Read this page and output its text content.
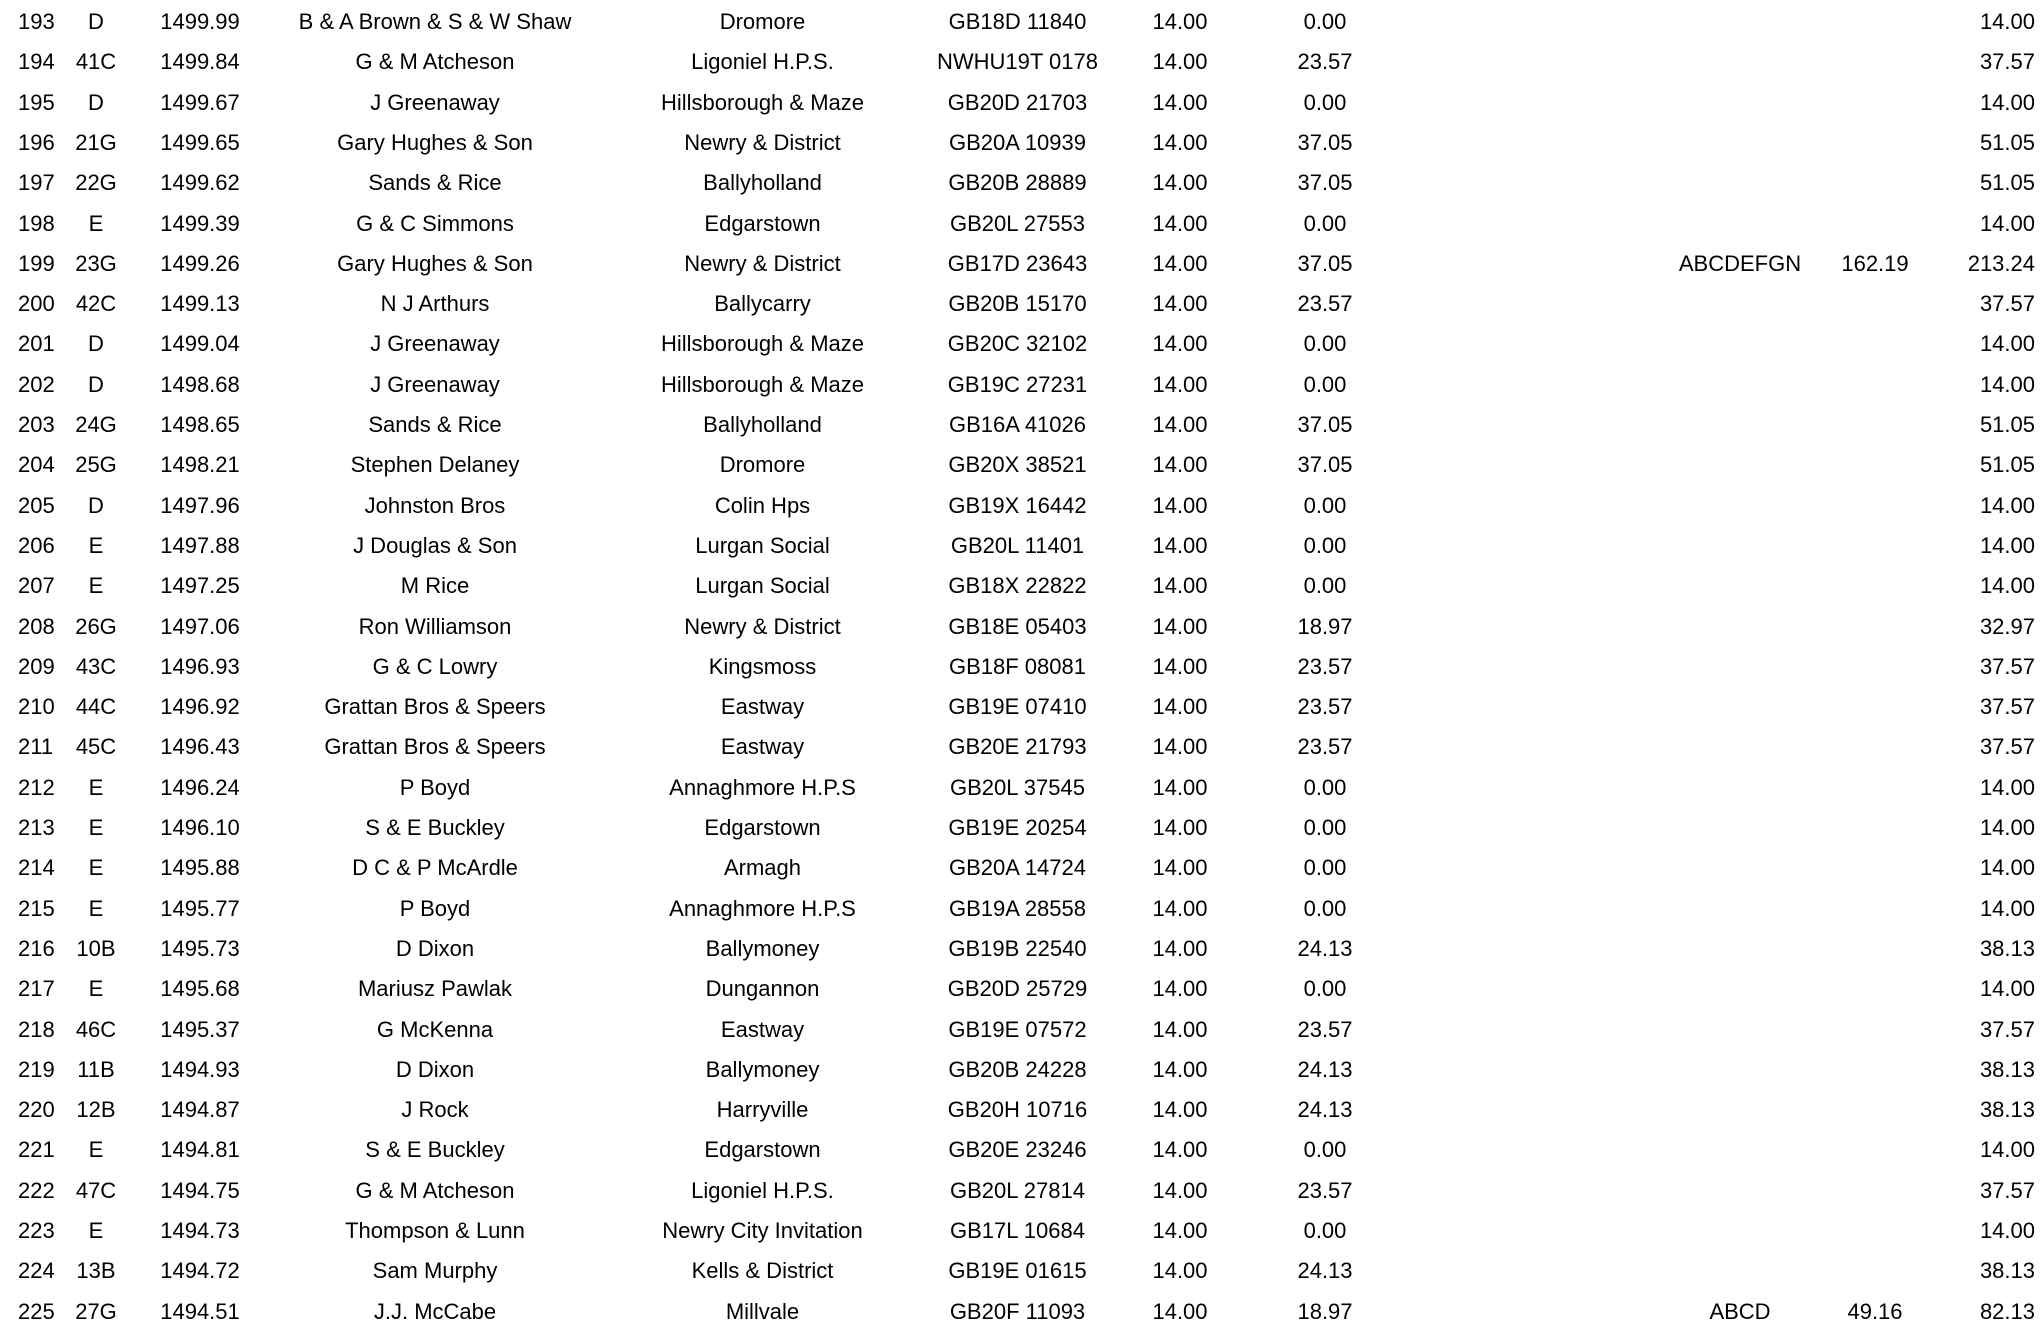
193	D	1499.99	B & A Brown & S & W Shaw	Dromore	GB18D 11840	14.00	0.00	14.00
194 41C	1499.84	G & M Atcheson	Ligoniel H.P.S.	NWHU19T 0178	14.00	23.57	37.57
195	D	1499.67	J Greenaway	Hillsborough & Maze	GB20D 21703	14.00	0.00	14.00
196 21G	1499.65	Gary Hughes & Son	Newry & District	GB20A 10939	14.00	37.05	51.05
197 22G	1499.62	Sands & Rice	Ballyholland	GB20B 28889	14.00	37.05	51.05
198	E	1499.39	G & C Simmons	Edgarstown	GB20L 27553	14.00	0.00	14.00
199 23G	1499.26	Gary Hughes & Son	Newry & District	GB17D 23643	14.00	37.05	ABCDEFGN	162.19	213.24
200 42C	1499.13	N J Arthurs	Ballycarry	GB20B 15170	14.00	23.57	37.57
201	D	1499.04	J Greenaway	Hillsborough & Maze	GB20C 32102	14.00	0.00	14.00
202	D	1498.68	J Greenaway	Hillsborough & Maze	GB19C 27231	14.00	0.00	14.00
203 24G	1498.65	Sands & Rice	Ballyholland	GB16A 41026	14.00	37.05	51.05
204 25G	1498.21	Stephen Delaney	Dromore	GB20X 38521	14.00	37.05	51.05
205	D	1497.96	Johnston Bros	Colin Hps	GB19X 16442	14.00	0.00	14.00
206	E	1497.88	J Douglas & Son	Lurgan Social	GB20L 11401	14.00	0.00	14.00
207	E	1497.25	M Rice	Lurgan Social	GB18X 22822	14.00	0.00	14.00
208 26G	1497.06	Ron Williamson	Newry & District	GB18E 05403	14.00	18.97	32.97
209 43C	1496.93	G & C Lowry	Kingsmoss	GB18F 08081	14.00	23.57	37.57
210 44C	1496.92	Grattan Bros & Speers	Eastway	GB19E 07410	14.00	23.57	37.57
211	45C	1496.43	Grattan Bros & Speers	Eastway	GB20E 21793	14.00	23.57	37.57
212	E	1496.24	P Boyd	Annaghmore H.P.S	GB20L 37545	14.00	0.00	14.00
213	E	1496.10	S & E Buckley	Edgarstown	GB19E 20254	14.00	0.00	14.00
214	E	1495.88	D C & P McArdle	Armagh	GB20A 14724	14.00	0.00	14.00
215	E	1495.77	P Boyd	Annaghmore H.P.S	GB19A 28558	14.00	0.00	14.00
216 10B	1495.73	D Dixon	Ballymoney	GB19B 22540	14.00	24.13	38.13
217	E	1495.68	Mariusz Pawlak	Dungannon	GB20D 25729	14.00	0.00	14.00
218 46C	1495.37	G McKenna	Eastway	GB19E 07572	14.00	23.57	37.57
219	11B	1494.93	D Dixon	Ballymoney	GB20B 24228	14.00	24.13	38.13
220 12B	1494.87	J Rock	Harryville	GB20H 10716	14.00	24.13	38.13
221	E	1494.81	S & E Buckley	Edgarstown	GB20E 23246	14.00	0.00	14.00
222 47C	1494.75	G & M Atcheson	Ligoniel H.P.S.	GB20L 27814	14.00	23.57	37.57
223	E	1494.73	Thompson & Lunn	Newry City Invitation	GB17L 10684	14.00	0.00	14.00
224 13B	1494.72	Sam Murphy	Kells & District	GB19E 01615	14.00	24.13	38.13
225 27G	1494.51	J.J. McCabe	Millvale	GB20F 11093	14.00	18.97	ABCD	49.16	82.13
